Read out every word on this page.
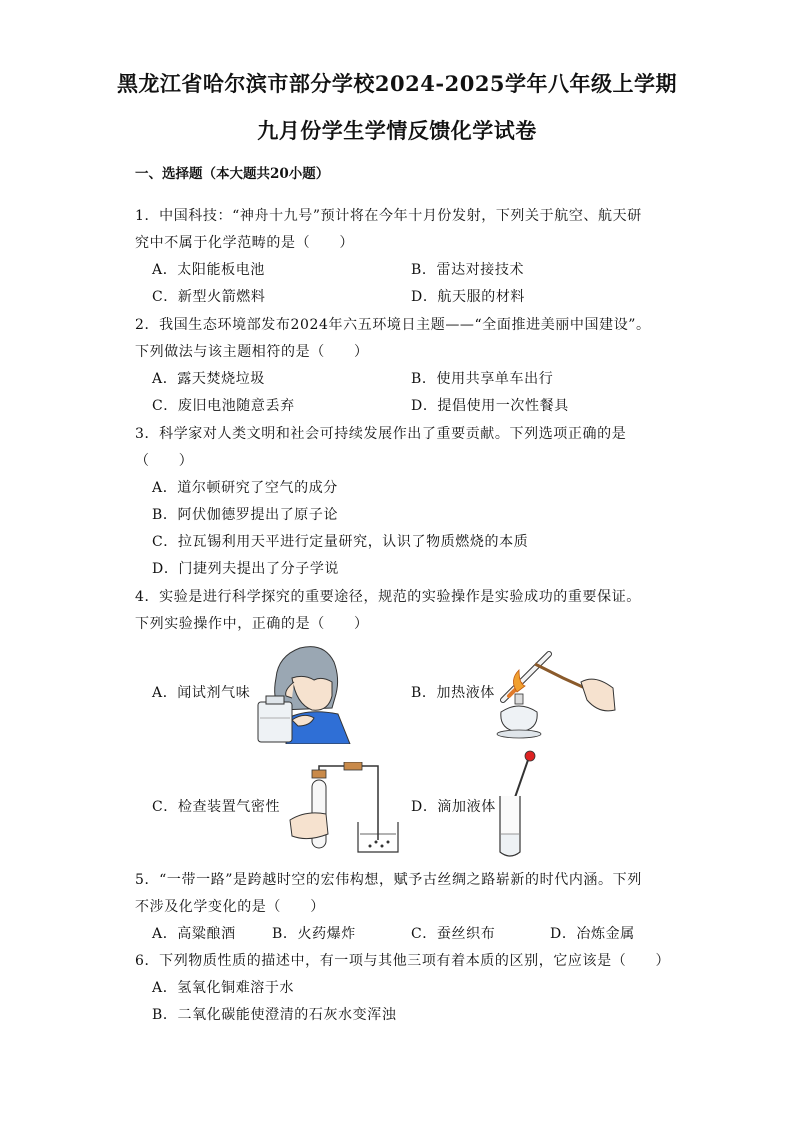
黑龙江省哈尔滨市部分学校2024-2025学年八年级上学期
九月份学生学情反馈化学试卷
一、选择题（本大题共20小题）
1．中国科技：“神舟十九号”预计将在今年十月份发射，下列关于航空、航天研
究中不属于化学范畴的是（　　）
A．太阳能板电池	B．雷达对接技术
C．新型火箭燃料	D．航天服的材料
2．我国生态环境部发布2024年六五环境日主题——“全面推进美丽中国建设”。
下列做法与该主题相符的是（　　）
A．露天焚烧垃圾	B．使用共享单车出行
C．废旧电池随意丢弃	D．提倡使用一次性餐具
3．科学家对人类文明和社会可持续发展作出了重要贡献。下列选项正确的是
（　　）
A．道尔顿研究了空气的成分
B．阿伏伽德罗提出了原子论
C．拉瓦锡利用天平进行定量研究，认识了物质燃烧的本质
D．门捷列夫提出了分子学说
4．实验是进行科学探究的重要途径，规范的实验操作是实验成功的重要保证。
下列实验操作中，正确的是（　　）
A．闻试剂气味	B．加热液体
C．检查装置气密性	D．滴加液体
5．“一带一路”是跨越时空的宏伟构想，赋予古丝绸之路崭新的时代内涵。下列
不涉及化学变化的是（　　）
A．高粱酿酒	B．火药爆炸	C．蚕丝织布	D．冶炼金属
6．下列物质性质的描述中，有一项与其他三项有着本质的区别，它应该是（　　）
A．氢氧化铜难溶于水
B．二氧化碳能使澄清的石灰水变浑浊
